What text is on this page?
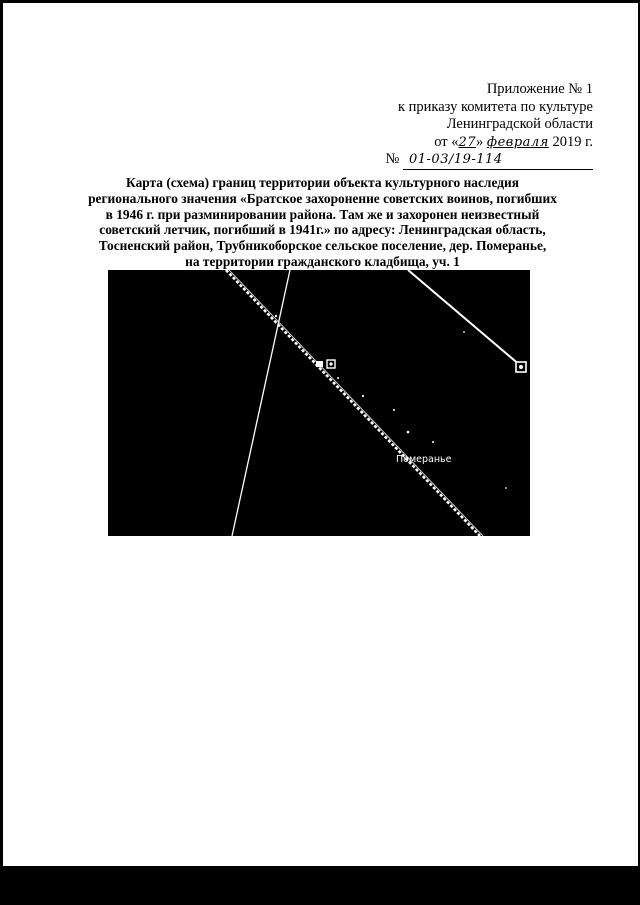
Приложение № 1
к приказу комитета по культуре
Ленинградской области
от «27» февраля 2019 г.
№ 01-03/19-114
Карта (схема) границ территории объекта культурного наследия
регионального значения «Братское захоронение советских воинов, погибших
в 1946 г. при разминировании района. Там же и захоронен неизвестный
советский летчик, погибший в 1941г.» по адресу: Ленинградская область,
Тосненский район, Трубникоборское сельское поселение, дер. Померанье,
на территории гражданского кладбища, уч. 1
Померанье
